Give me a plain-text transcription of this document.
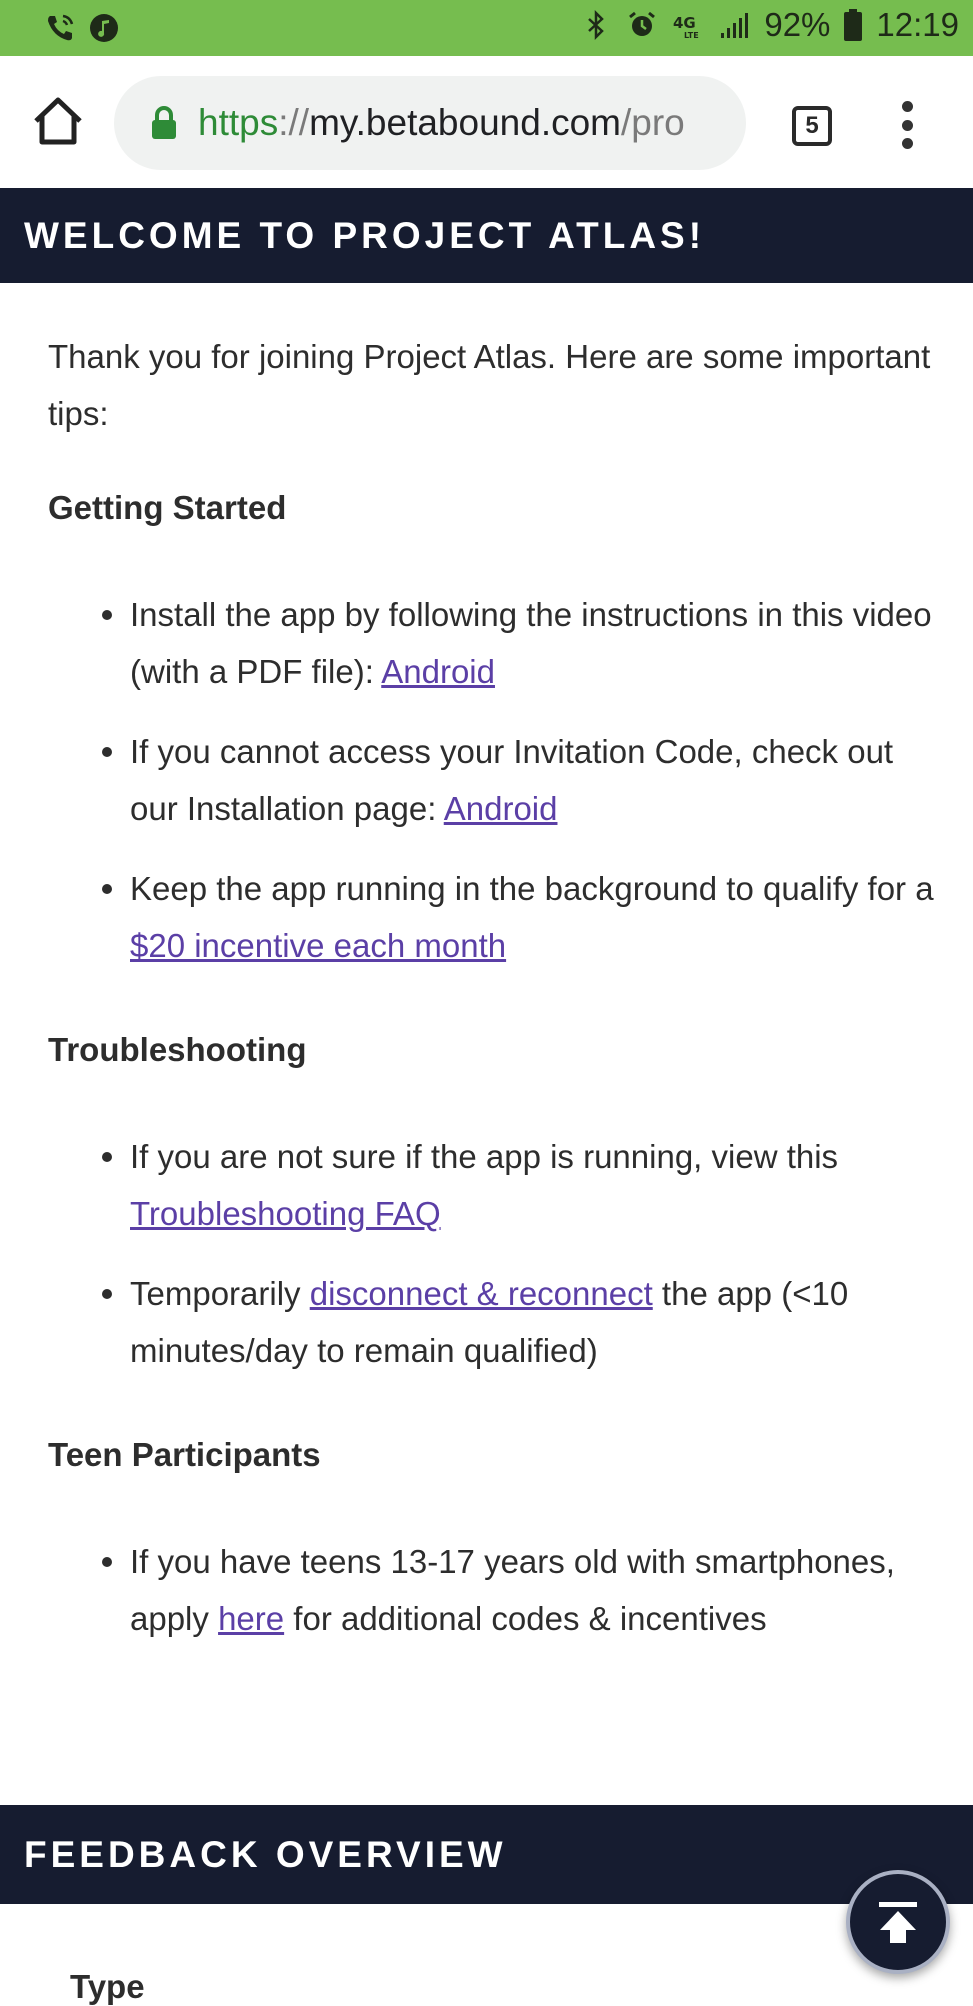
4G
LTE 92% 12:19
https :// my.betabound.com /pro	5
WELCOME TO PROJECT ATLAS!

Thank you for joining Project Atlas. Here are some important tips:

Getting Started
Install the app by following the instructions in this video (with a PDF file): Android
If you cannot access your Invitation Code, check out our Installation page: Android
Keep the app running in the background to qualify for a $20 incentive each month
Troubleshooting
If you are not sure if the app is running, view this Troubleshooting FAQ
Temporarily disconnect & reconnect the app (<10 minutes/day to remain qualified)
Teen Participants
If you have teens 13-17 years old with smartphones, apply here for additional codes & incentives
FEEDBACK OVERVIEW
Type
